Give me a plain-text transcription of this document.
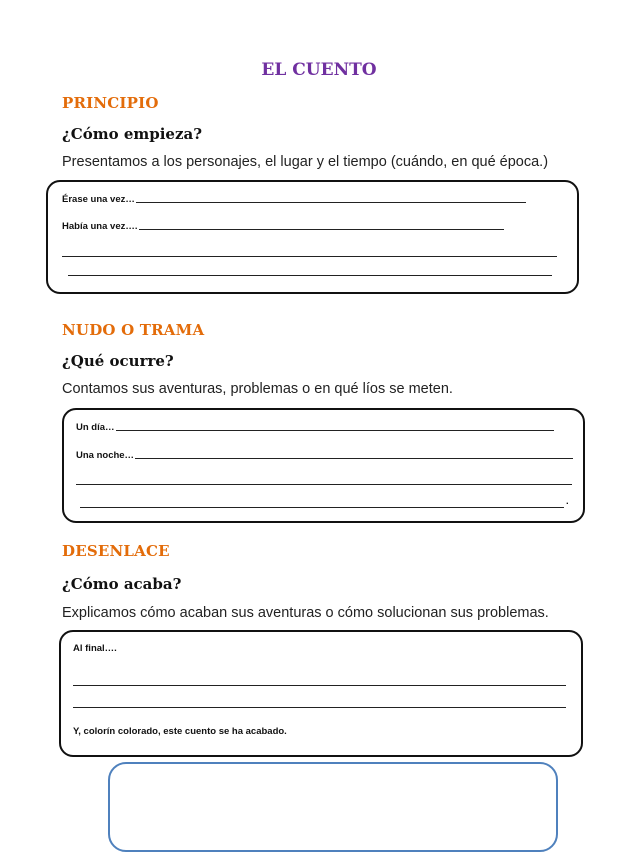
EL CUENTO
PRINCIPIO
¿Cómo empieza?
Presentamos a los personajes, el lugar y el tiempo (cuándo, en qué época.)
Érase una vez…
Había una vez….
NUDO O TRAMA
¿Qué ocurre?
Contamos sus aventuras, problemas o en qué líos se meten.
Un día…
Una noche…
.
DESENLACE
¿Cómo acaba?
Explicamos cómo acaban sus aventuras o cómo solucionan sus problemas.
Al final….
Y, colorín colorado, este cuento se ha acabado.
